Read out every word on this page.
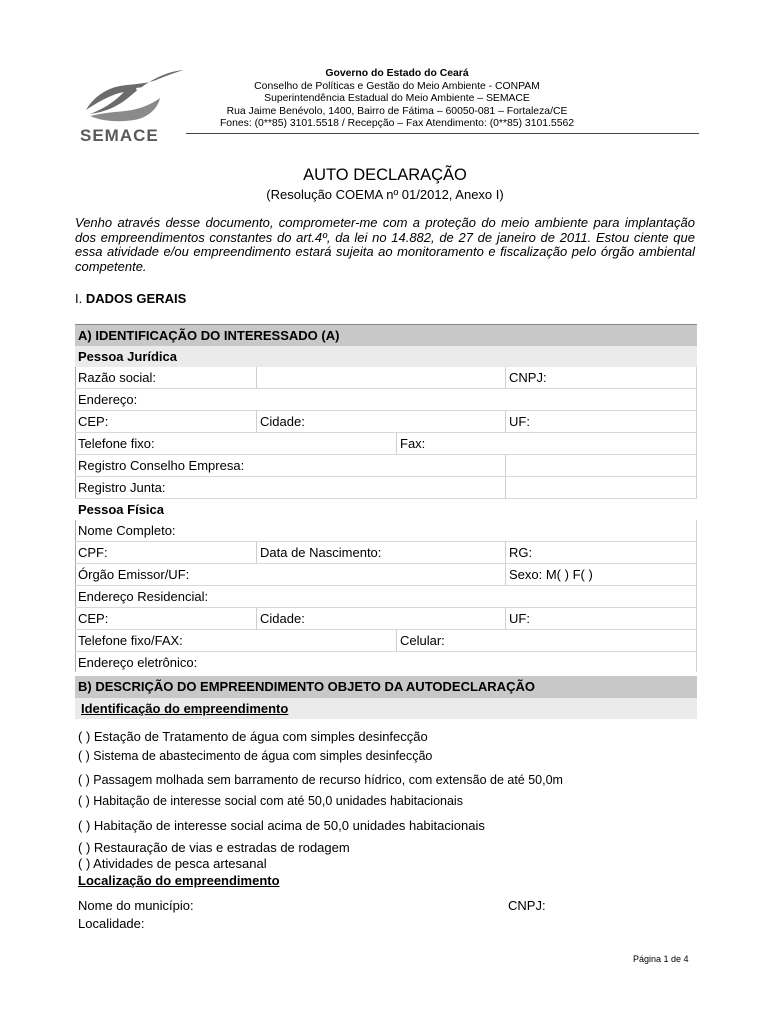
SEMACE
Governo do Estado do Ceará
Conselho de Políticas e Gestão do Meio Ambiente - CONPAM
Superintendência Estadual do Meio Ambiente – SEMACE
Rua Jaime Benévolo, 1400, Bairro de Fátima – 60050-081 – Fortaleza/CE
Fones: (0**85) 3101.5518 / Recepção – Fax Atendimento: (0**85) 3101.5562
AUTO DECLARAÇÃO
(Resolução COEMA nº 01/2012, Anexo I)
Venho através desse documento, comprometer-me com a proteção do meio ambiente para implantação dos empreendimentos constantes do art.4º, da lei no 14.882, de 27 de janeiro de 2011. Estou ciente que essa atividade e/ou empreendimento estará sujeita ao monitoramento e fiscalização pelo órgão ambiental competente.
I. DADOS GERAIS
A) IDENTIFICAÇÃO DO INTERESSADO (A)
Pessoa Jurídica
Razão social:	CNPJ:
Endereço:
CEP:	Cidade:	UF:
Telefone fixo:	Fax:
Registro Conselho Empresa:
Registro Junta:
Pessoa Física
Nome Completo:
CPF:	Data de Nascimento:	RG:
Órgão Emissor/UF:	Sexo: M( ) F( )
Endereço Residencial:
CEP:	Cidade:	UF:
Telefone fixo/FAX:	Celular:
Endereço eletrônico:
B) DESCRIÇÃO DO EMPREENDIMENTO OBJETO DA AUTODECLARAÇÃO
Identificação do empreendimento
( ) Estação de Tratamento de água com simples desinfecção
( ) Sistema de abastecimento de água com simples desinfecção
( ) Passagem molhada sem barramento de recurso hídrico, com extensão de até 50,0m
( ) Habitação de interesse social com até 50,0 unidades habitacionais
( ) Habitação de interesse social acima de 50,0 unidades habitacionais
( ) Restauração de vias e estradas de rodagem
( ) Atividades de pesca artesanal
Localização do empreendimento
Nome do município:	CNPJ:
Localidade:
Página 1 de 4
